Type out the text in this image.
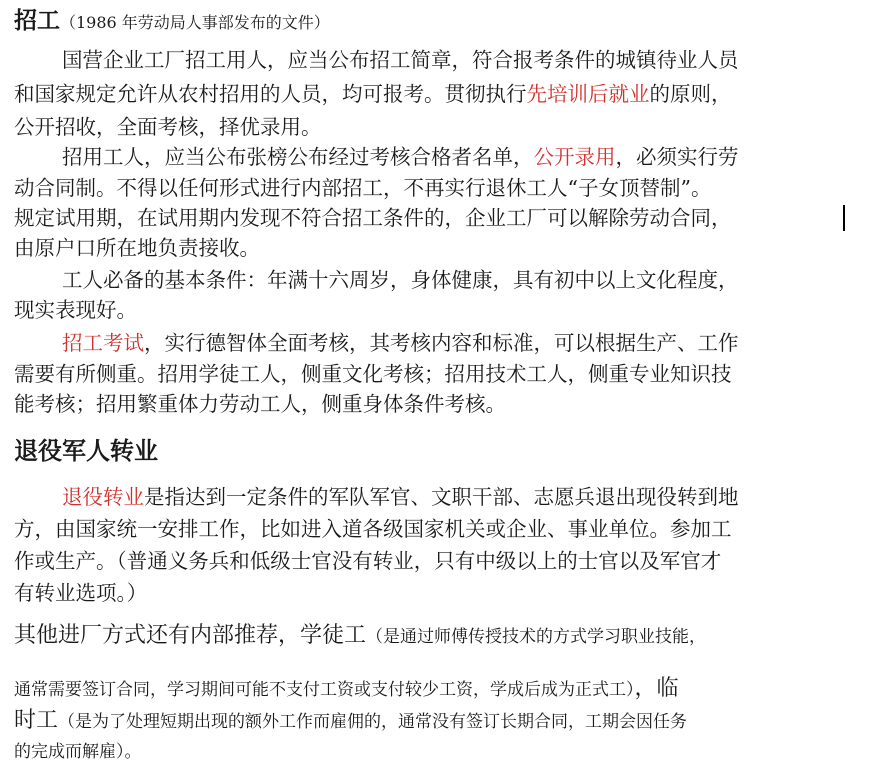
招工（1986 年劳动局人事部发布的文件）

国营企业工厂招工用人，应当公布招工简章，符合报考条件的城镇待业人员

和国家规定允许从农村招用的人员，均可报考。贯彻执行先培训后就业的原则，

公开招收，全面考核，择优录用。

招用工人，应当公布张榜公布经过考核合格者名单，公开录用，必须实行劳

动合同制。不得以任何形式进行内部招工，不再实行退休工人“子女顶替制”。

规定试用期，在试用期内发现不符合招工条件的，企业工厂可以解除劳动合同，

由原户口所在地负责接收。

工人必备的基本条件：年满十六周岁，身体健康，具有初中以上文化程度，

现实表现好。

招工考试，实行德智体全面考核，其考核内容和标准，可以根据生产、工作

需要有所侧重。招用学徒工人，侧重文化考核；招用技术工人，侧重专业知识技

能考核；招用繁重体力劳动工人，侧重身体条件考核。

退役军人转业

退役转业是指达到一定条件的军队军官、文职干部、志愿兵退出现役转到地

方，由国家统一安排工作，比如进入道各级国家机关或企业、事业单位。参加工

作或生产。（普通义务兵和低级士官没有转业，只有中级以上的士官以及军官才

有转业选项。）

其他进厂方式还有内部推荐，学徒工（是通过师傅传授技术的方式学习职业技能，

通常需要签订合同，学习期间可能不支付工资或支付较少工资，学成后成为正式工），临

时工（是为了处理短期出现的额外工作而雇佣的，通常没有签订长期合同，工期会因任务

的完成而解雇）。
